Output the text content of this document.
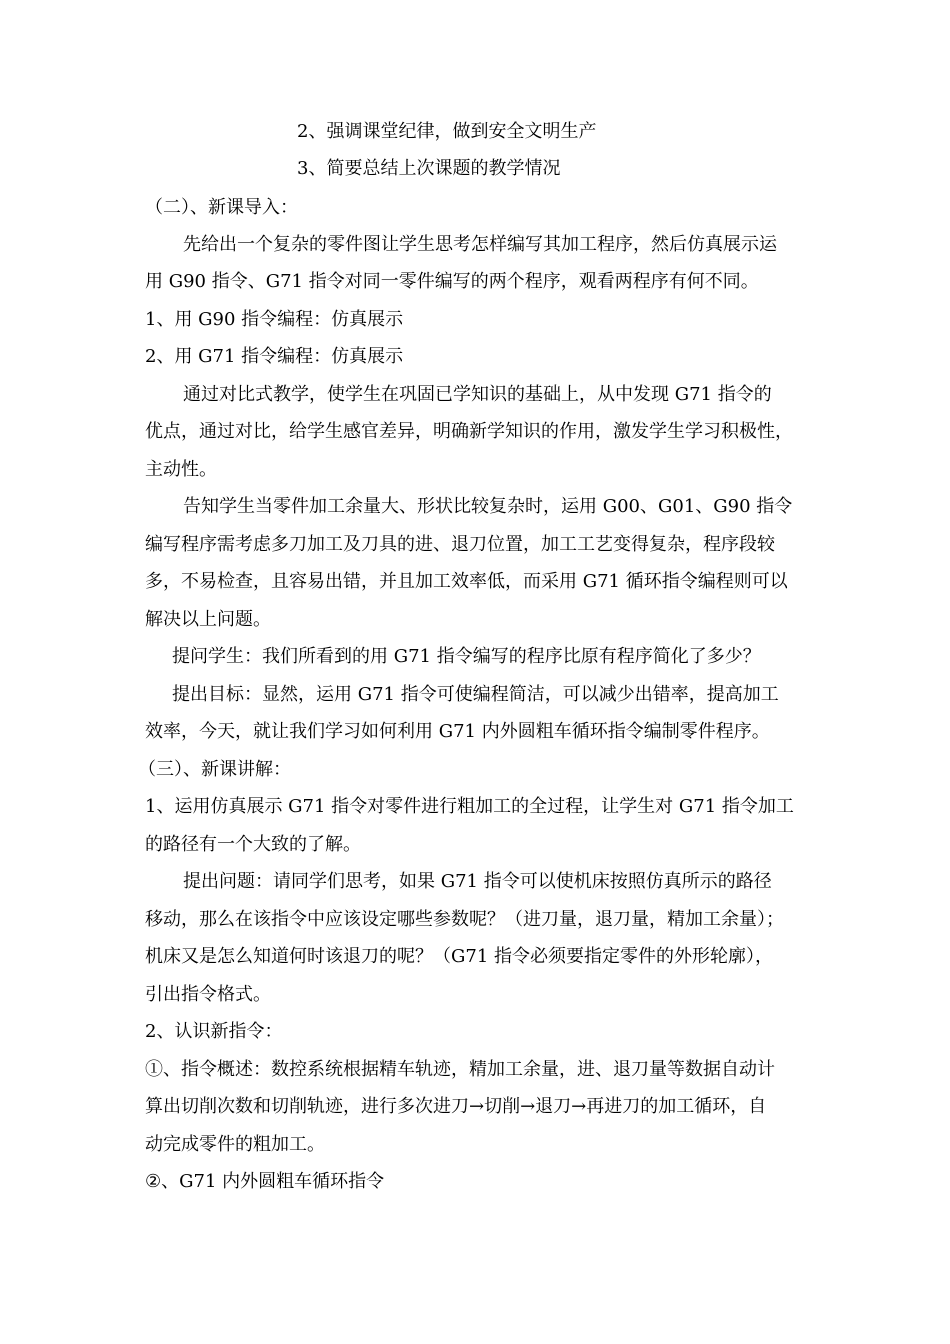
2、强调课堂纪律，做到安全文明生产
3、简要总结上次课题的教学情况
（二）、新课导入：
先给出一个复杂的零件图让学生思考怎样编写其加工程序，然后仿真展示运
用 G90 指令、G71 指令对同一零件编写的两个程序，观看两程序有何不同。
1、用 G90 指令编程：仿真展示
2、用 G71 指令编程：仿真展示
通过对比式教学，使学生在巩固已学知识的基础上，从中发现 G71 指令的
优点，通过对比，给学生感官差异，明确新学知识的作用，激发学生学习积极性，
主动性。
告知学生当零件加工余量大、形状比较复杂时，运用 G00、G01、G90 指令
编写程序需考虑多刀加工及刀具的进、退刀位置，加工工艺变得复杂，程序段较
多，不易检查，且容易出错，并且加工效率低，而采用 G71 循环指令编程则可以
解决以上问题。
提问学生：我们所看到的用 G71 指令编写的程序比原有程序简化了多少？
提出目标：显然，运用 G71 指令可使编程简洁，可以减少出错率，提高加工
效率，今天，就让我们学习如何利用 G71 内外圆粗车循环指令编制零件程序。
（三）、新课讲解：
1、运用仿真展示 G71 指令对零件进行粗加工的全过程，让学生对 G71 指令加工
的路径有一个大致的了解。
提出问题：请同学们思考，如果 G71 指令可以使机床按照仿真所示的路径
移动，那么在该指令中应该设定哪些参数呢？（进刀量，退刀量，精加工余量）；
机床又是怎么知道何时该退刀的呢？（G71 指令必须要指定零件的外形轮廓），
引出指令格式。
2、认识新指令：
①、指令概述：数控系统根据精车轨迹，精加工余量，进、退刀量等数据自动计
算出切削次数和切削轨迹，进行多次进刀→切削→退刀→再进刀的加工循环，自
动完成零件的粗加工。
②、G71 内外圆粗车循环指令
